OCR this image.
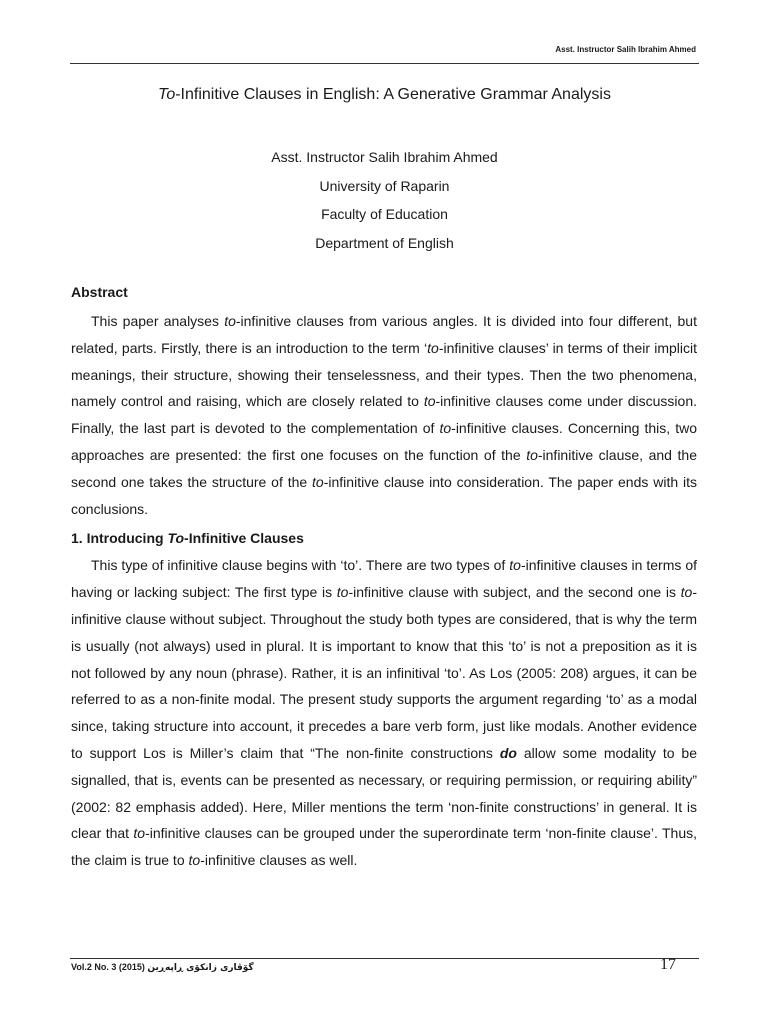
Asst. Instructor Salih Ibrahim Ahmed
To-Infinitive Clauses in English: A Generative Grammar Analysis
Asst. Instructor Salih Ibrahim Ahmed
University of Raparin
Faculty of Education
Department of English
Abstract

This paper analyses to-infinitive clauses from various angles. It is divided into four different, but related, parts. Firstly, there is an introduction to the term ‘to-infinitive clauses’ in terms of their implicit meanings, their structure, showing their tenselessness, and their types. Then the two phenomena, namely control and raising, which are closely related to to-infinitive clauses come under discussion. Finally, the last part is devoted to the complementation of to-infinitive clauses. Concerning this, two approaches are presented: the first one focuses on the function of the to-infinitive clause, and the second one takes the structure of the to-infinitive clause into consideration. The paper ends with its conclusions.

1. Introducing To-Infinitive Clauses

This type of infinitive clause begins with ‘to’. There are two types of to-infinitive clauses in terms of having or lacking subject: The first type is to-infinitive clause with subject, and the second one is to-infinitive clause without subject. Throughout the study both types are considered, that is why the term is usually (not always) used in plural. It is important to know that this ‘to’ is not a preposition as it is not followed by any noun (phrase). Rather, it is an infinitival ‘to’. As Los (2005: 208) argues, it can be referred to as a non-finite modal. The present study supports the argument regarding ‘to’ as a modal since, taking structure into account, it precedes a bare verb form, just like modals. Another evidence to support Los is Miller’s claim that “The non-finite constructions do allow some modality to be signalled, that is, events can be presented as necessary, or requiring permission, or requiring ability” (2002: 82 emphasis added). Here, Miller mentions the term ‘non-finite constructions’ in general. It is clear that to-infinitive clauses can be grouped under the superordinate term ‘non-finite clause’. Thus, the claim is true to to-infinitive clauses as well.

Vol.2 No. 3 (2015) گۆڤاری زانکۆی ڕاپەڕین	17
